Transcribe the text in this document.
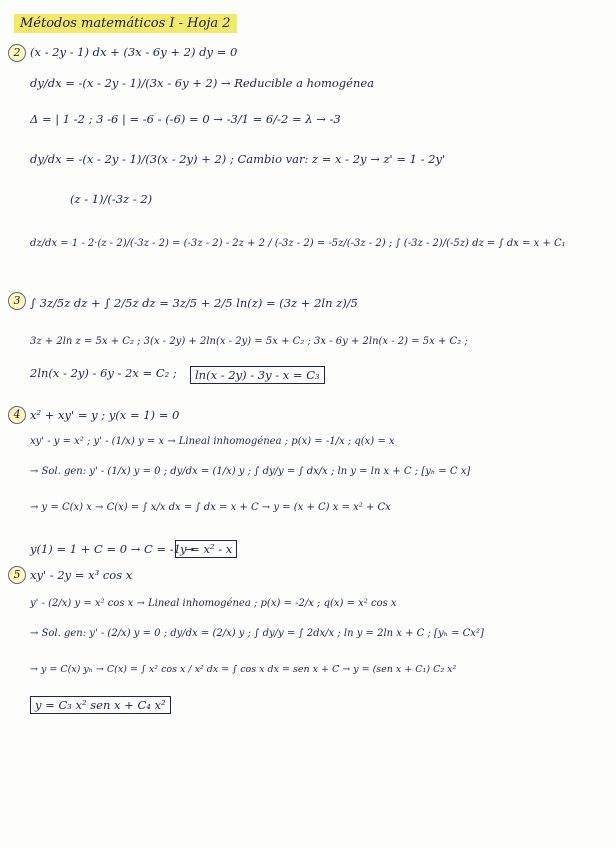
Métodos matemáticos I - Hoja 2
2 (x - 2y - 1) dx + (3x - 6y + 2) dy = 0
dy/dx = -(x - 2y - 1)/(3x - 6y + 2) → Reducible a homogénea
Δ = | 1 -2 ; 3 -6 | = -6 - (-6) = 0 → -3/1 = 6/-2 = λ → -3
dy/dx = -(x - 2y - 1)/(3(x - 2y) + 2) ; Cambio var: z = x - 2y → z' = 1 - 2y'
(z - 1)/(-3z - 2)
dz/dx = 1 - 2·(z - 2)/(-3z - 2) = (-3z - 2) - 2z + 2 / (-3z - 2) = -5z/(-3z - 2) ; ∫ (-3z - 2)/(-5z) dz = ∫ dx = x + C₁
3 ∫ 3z/5z dz + ∫ 2/5z dz = 3z/5 + 2/5 ln(z) = (3z + 2ln z)/5
3z + 2ln z = 5x + C₂ ; 3(x - 2y) + 2ln(x - 2y) = 5x + C₂ ; 3x - 6y + 2ln(x - 2) = 5x + C₂ ;
2ln(x - 2y) - 6y - 2x = C₂ ;	ln(x - 2y) - 3y - x = C₃
4 x² + xy' = y ; y(x = 1) = 0
xy' - y = x² ; y' - (1/x) y = x → Lineal inhomogénea ; p(x) = -1/x ; q(x) = x
→ Sol. gen: y' - (1/x) y = 0 ; dy/dx = (1/x) y ; ∫ dy/y = ∫ dx/x ; ln y = ln x + C ; [yₕ = C x]
→ y = C(x) x → C(x) = ∫ x/x dx = ∫ dx = x + C → y = (x + C) x = x² + Cx
y(1) = 1 + C = 0 → C = -1 →
y = x² - x
5 xy' - 2y = x³ cos x
y' - (2/x) y = x² cos x → Lineal inhomogénea ; p(x) = -2/x ; q(x) = x² cos x
→ Sol. gen: y' - (2/x) y = 0 ; dy/dx = (2/x) y ; ∫ dy/y = ∫ 2dx/x ; ln y = 2ln x + C ; [yₕ = Cx²]
→ y = C(x) yₕ → C(x) = ∫ x² cos x / x² dx = ∫ cos x dx = sen x + C → y = (sen x + C₁) C₂ x²
y = C₃ x² sen x + C₄ x²
